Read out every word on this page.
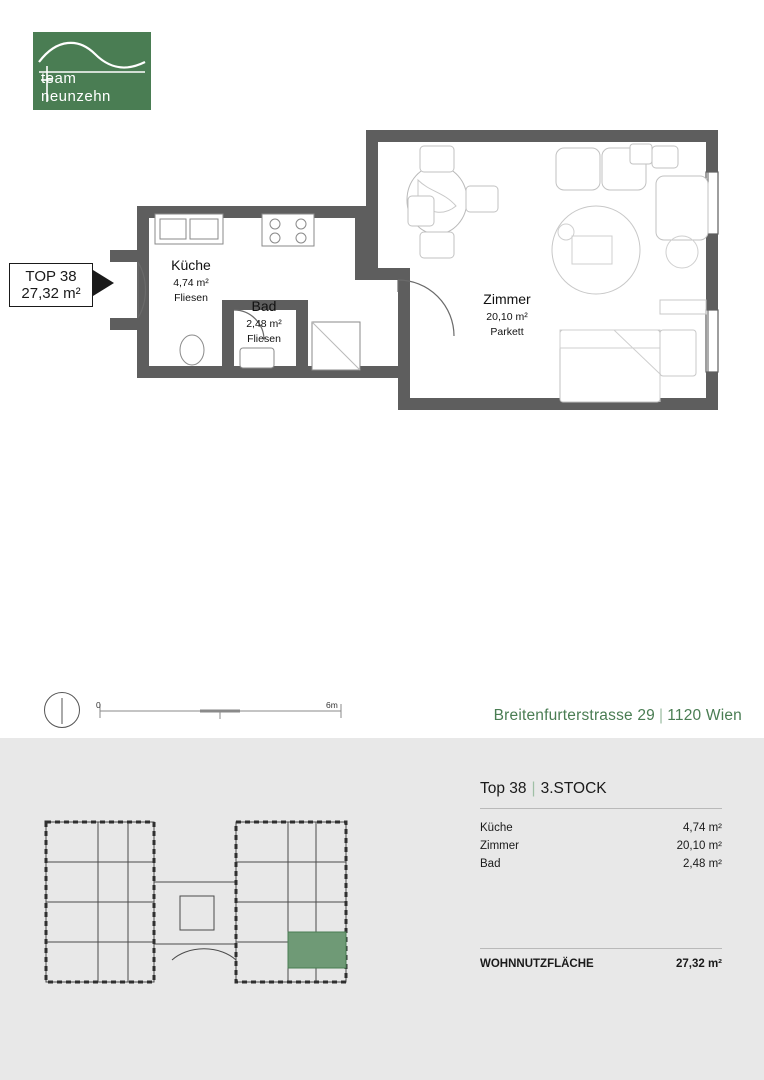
team
neunzehn
TOP 38
27,32 m²
Küche
4,74 m²
Fliesen	Bad
2,48 m²
Fliesen
Zimmer
20,10 m²
Parkett
0	6m
Breitenfurterstrasse 29 | 1120 Wien
Top 38 | 3.STOCK
Küche	4,74 m²
Zimmer	20,10 m²
Bad	2,48 m²
WOHNNUTZFLÄCHE	27,32 m²
